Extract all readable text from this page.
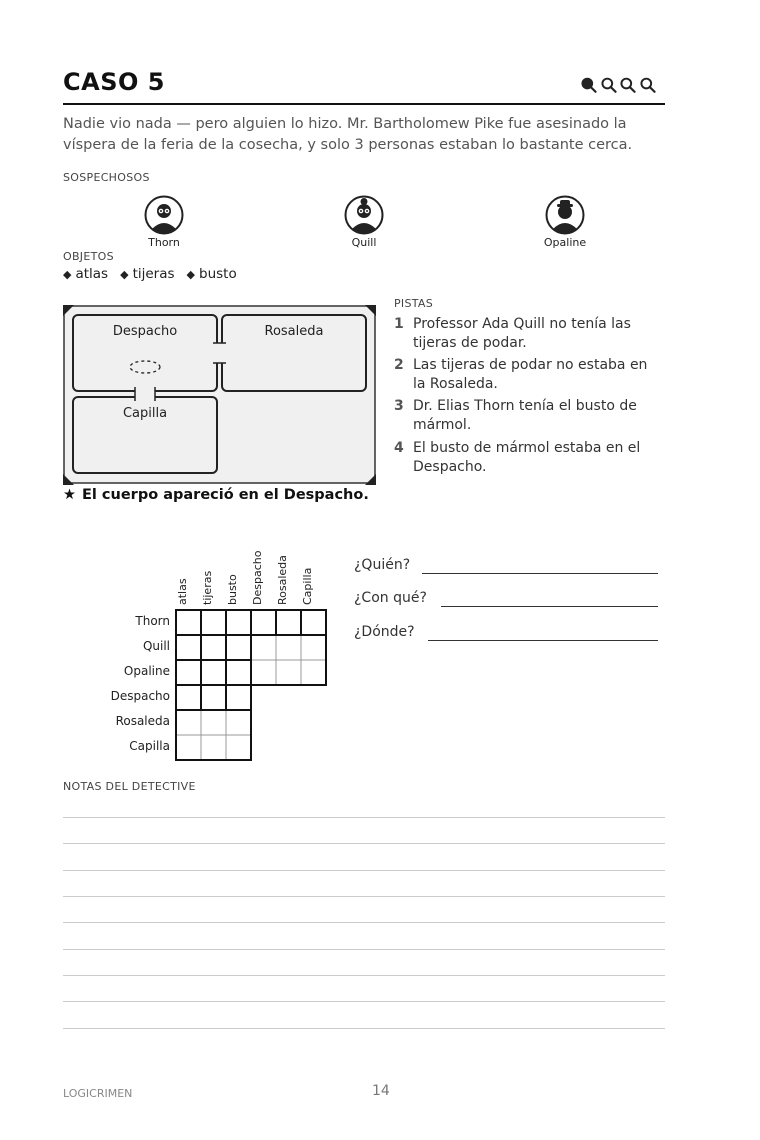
CASO 5
Nadie vio nada — pero alguien lo hizo. Mr. Bartholomew Pike fue asesinado la víspera de la feria de la cosecha, y solo 3 personas estaban lo bastante cerca.
SOSPECHOSOS
Thorn	Quill	Opaline
OBJETOS
◆ atlas ◆ tijeras ◆ busto
Despacho	Rosaleda
Capilla
PISTAS
1 Professor Ada Quill no tenía las tijeras de podar.
2 Las tijeras de podar no estaba en la Rosaleda.
3 Dr. Elias Thorn tenía el busto de mármol.
4 El busto de mármol estaba en el Despacho.
★ El cuerpo apareció en el Despacho.
atlas tijeras busto Despacho Rosaleda Capilla
Thorn
Quill
Opaline
Despacho
Rosaleda
Capilla
¿Quién?
¿Con qué?
¿Dónde?
NOTAS DEL DETECTIVE
LOGICRIMEN	14
